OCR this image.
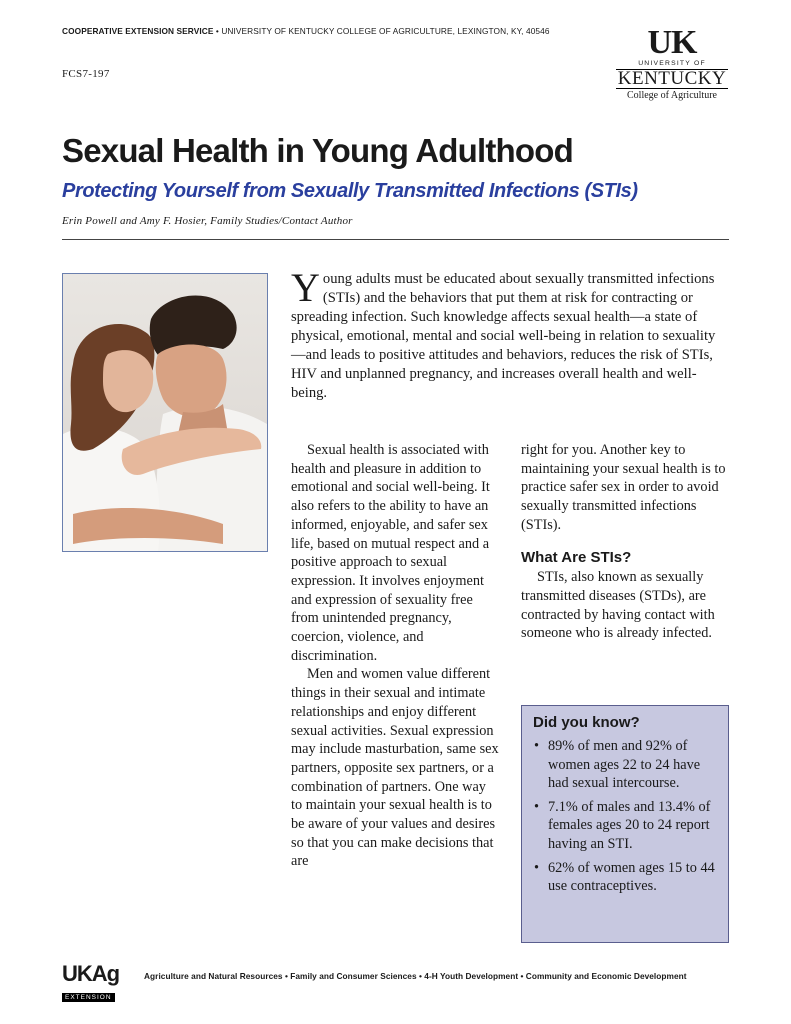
COOPERATIVE EXTENSION SERVICE • UNIVERSITY OF KENTUCKY COLLEGE OF AGRICULTURE, LEXINGTON, KY, 40546
FCS7-197
UK
UNIVERSITY OF
KENTUCKY
College of Agriculture
Sexual Health in Young Adulthood
Protecting Yourself from Sexually Transmitted Infections (STIs)
Erin Powell and Amy F. Hosier, Family Studies/Contact Author
Young adults must be educated about sexually transmitted infections (STIs) and the behaviors that put them at risk for contracting or spreading infection. Such knowledge affects sexual health—a state of physical, emotional, mental and social well-being in relation to sexuality—and leads to positive attitudes and behaviors, reduces the risk of STIs, HIV and unplanned pregnancy, and increases overall health and well-being.

Sexual health is associated with health and pleasure in addition to emotional and social well-being. It also refers to the ability to have an informed, enjoyable, and safer sex life, based on mutual respect and a positive approach to sexual expression. It involves enjoyment and expression of sexuality free from unintended pregnancy, coercion, violence, and discrimination.

Men and women value different things in their sexual and intimate relationships and enjoy different sexual activities. Sexual expression may include masturbation, same sex partners, opposite sex partners, or a combination of partners. One way to maintain your sexual health is to be aware of your values and desires so that you can make decisions that are

right for you. Another key to maintaining your sexual health is to practice safer sex in order to avoid sexually transmitted infections (STIs).

What Are STIs?

STIs, also known as sexually transmitted diseases (STDs), are contracted by having contact with someone who is already infected.

Did you know?
• 89% of men and 92% of women ages 22 to 24 have had sexual intercourse.
• 7.1% of males and 13.4% of females ages 20 to 24 report having an STI.
• 62% of women ages 15 to 44 use contraceptives.
UKAg
EXTENSION
Agriculture and Natural Resources • Family and Consumer Sciences • 4-H Youth Development • Community and Economic Development
